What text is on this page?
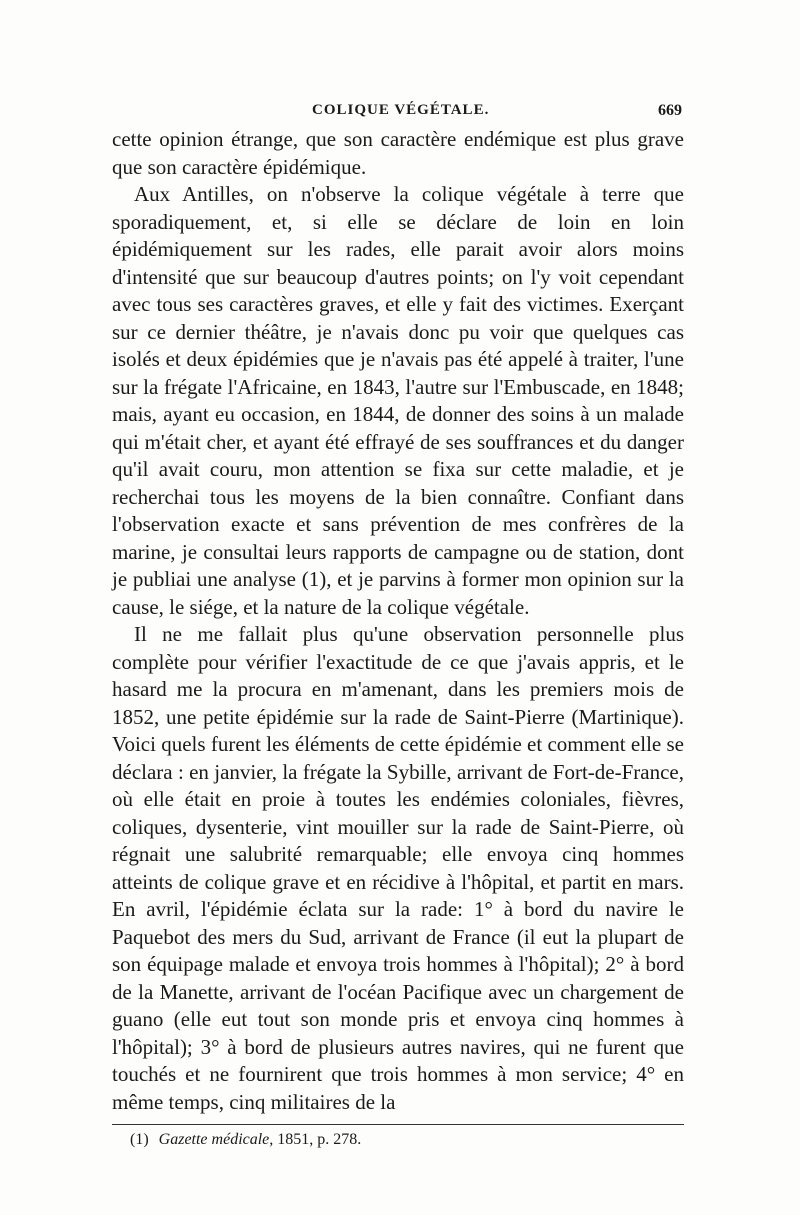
COLIQUE VÉGÉTALE.	669

cette opinion étrange, que son caractère endémique est plus grave que son caractère épidémique.

Aux Antilles, on n'observe la colique végétale à terre que sporadiquement, et, si elle se déclare de loin en loin épidémiquement sur les rades, elle parait avoir alors moins d'intensité que sur beaucoup d'autres points; on l'y voit cependant avec tous ses caractères graves, et elle y fait des victimes. Exerçant sur ce dernier théâtre, je n'avais donc pu voir que quelques cas isolés et deux épidémies que je n'avais pas été appelé à traiter, l'une sur la frégate l'Africaine, en 1843, l'autre sur l'Embuscade, en 1848; mais, ayant eu occasion, en 1844, de donner des soins à un malade qui m'était cher, et ayant été effrayé de ses souffrances et du danger qu'il avait couru, mon attention se fixa sur cette maladie, et je recherchai tous les moyens de la bien connaître. Confiant dans l'observation exacte et sans prévention de mes confrères de la marine, je consultai leurs rapports de campagne ou de station, dont je publiai une analyse (1), et je parvins à former mon opinion sur la cause, le siége, et la nature de la colique végétale.

Il ne me fallait plus qu'une observation personnelle plus complète pour vérifier l'exactitude de ce que j'avais appris, et le hasard me la procura en m'amenant, dans les premiers mois de 1852, une petite épidémie sur la rade de Saint-Pierre (Martinique). Voici quels furent les éléments de cette épidémie et comment elle se déclara : en janvier, la frégate la Sybille, arrivant de Fort-de-France, où elle était en proie à toutes les endémies coloniales, fièvres, coliques, dysenterie, vint mouiller sur la rade de Saint-Pierre, où régnait une salubrité remarquable; elle envoya cinq hommes atteints de colique grave et en récidive à l'hôpital, et partit en mars. En avril, l'épidémie éclata sur la rade: 1° à bord du navire le Paquebot des mers du Sud, arrivant de France (il eut la plupart de son équipage malade et envoya trois hommes à l'hôpital); 2° à bord de la Manette, arrivant de l'océan Pacifique avec un chargement de guano (elle eut tout son monde pris et envoya cinq hommes à l'hôpital); 3° à bord de plusieurs autres navires, qui ne furent que touchés et ne fournirent que trois hommes à mon service; 4° en même temps, cinq militaires de la

(1) Gazette médicale, 1851, p. 278.
